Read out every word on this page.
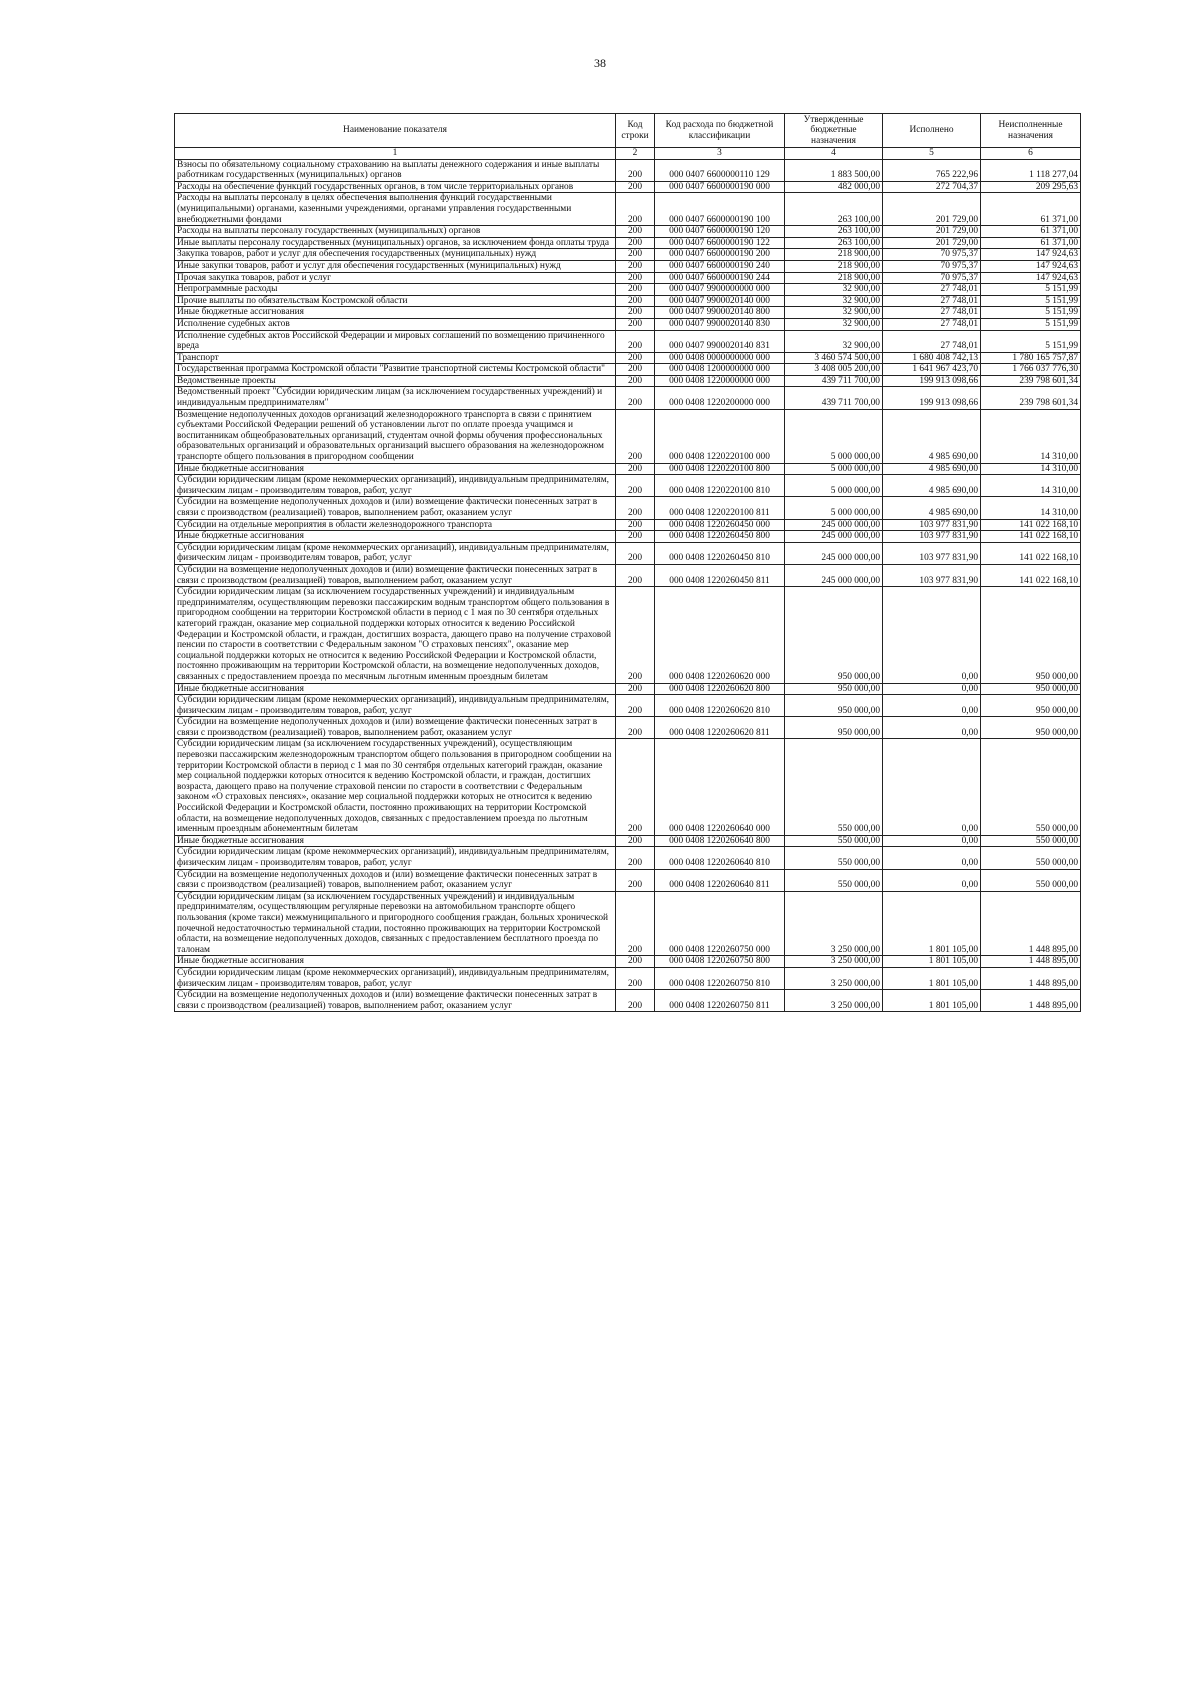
38
Наименование показателя	Код строки	Код расхода по бюджетной классификации	Утвержденные бюджетные назначения	Исполнено	Неисполненные назначения
1	2	3	4	5	6
Взносы по обязательному социальному страхованию на выплаты денежного содержания и иные выплаты работникам государственных (муниципальных) органов	200	000 0407 6600000110 129	1 883 500,00	765 222,96	1 118 277,04
Расходы на обеспечение функций государственных органов, в том числе территориальных органов	200	000 0407 6600000190 000	482 000,00	272 704,37	209 295,63
Расходы на выплаты персоналу в целях обеспечения выполнения функций государственными (муниципальными) органами, казенными учреждениями, органами управления государственными внебюджетными фондами	200	000 0407 6600000190 100	263 100,00	201 729,00	61 371,00
Расходы на выплаты персоналу государственных (муниципальных) органов	200	000 0407 6600000190 120	263 100,00	201 729,00	61 371,00
Иные выплаты персоналу государственных (муниципальных) органов, за исключением фонда оплаты труда	200	000 0407 6600000190 122	263 100,00	201 729,00	61 371,00
Закупка товаров, работ и услуг для обеспечения государственных (муниципальных) нужд	200	000 0407 6600000190 200	218 900,00	70 975,37	147 924,63
Иные закупки товаров, работ и услуг для обеспечения государственных (муниципальных) нужд	200	000 0407 6600000190 240	218 900,00	70 975,37	147 924,63
Прочая закупка товаров, работ и услуг	200	000 0407 6600000190 244	218 900,00	70 975,37	147 924,63
Непрограммные расходы	200	000 0407 9900000000 000	32 900,00	27 748,01	5 151,99
Прочие выплаты по обязательствам Костромской области	200	000 0407 9900020140 000	32 900,00	27 748,01	5 151,99
Иные бюджетные ассигнования	200	000 0407 9900020140 800	32 900,00	27 748,01	5 151,99
Исполнение судебных актов	200	000 0407 9900020140 830	32 900,00	27 748,01	5 151,99
Исполнение судебных актов Российской Федерации и мировых соглашений по возмещению причиненного вреда	200	000 0407 9900020140 831	32 900,00	27 748,01	5 151,99
Транспорт	200	000 0408 0000000000 000	3 460 574 500,00	1 680 408 742,13	1 780 165 757,87
Государственная программа Костромской области "Развитие транспортной системы Костромской области"	200	000 0408 1200000000 000	3 408 005 200,00	1 641 967 423,70	1 766 037 776,30
Ведомственные проекты	200	000 0408 1220000000 000	439 711 700,00	199 913 098,66	239 798 601,34
Ведомственный проект "Субсидии юридическим лицам (за исключением государственных учреждений) и индивидуальным предпринимателям"	200	000 0408 1220200000 000	439 711 700,00	199 913 098,66	239 798 601,34
Возмещение недополученных доходов организаций железнодорожного транспорта в связи с принятием субъектами Российской Федерации решений об установлении льгот по оплате проезда учащимся и воспитанникам общеобразовательных организаций, студентам очной формы обучения профессиональных образовательных организаций и образовательных организаций высшего образования на железнодорожном транспорте общего пользования в пригородном сообщении	200	000 0408 1220220100 000	5 000 000,00	4 985 690,00	14 310,00
Иные бюджетные ассигнования	200	000 0408 1220220100 800	5 000 000,00	4 985 690,00	14 310,00
Субсидии юридическим лицам (кроме некоммерческих организаций), индивидуальным предпринимателям, физическим лицам - производителям товаров, работ, услуг	200	000 0408 1220220100 810	5 000 000,00	4 985 690,00	14 310,00
Субсидии на возмещение недополученных доходов и (или) возмещение фактически понесенных затрат в связи с производством (реализацией) товаров, выполнением работ, оказанием услуг	200	000 0408 1220220100 811	5 000 000,00	4 985 690,00	14 310,00
Субсидии на отдельные мероприятия в области железнодорожного транспорта	200	000 0408 1220260450 000	245 000 000,00	103 977 831,90	141 022 168,10
Иные бюджетные ассигнования	200	000 0408 1220260450 800	245 000 000,00	103 977 831,90	141 022 168,10
Субсидии юридическим лицам (кроме некоммерческих организаций), индивидуальным предпринимателям, физическим лицам - производителям товаров, работ, услуг	200	000 0408 1220260450 810	245 000 000,00	103 977 831,90	141 022 168,10
Субсидии на возмещение недополученных доходов и (или) возмещение фактически понесенных затрат в связи с производством (реализацией) товаров, выполнением работ, оказанием услуг	200	000 0408 1220260450 811	245 000 000,00	103 977 831,90	141 022 168,10
Субсидии юридическим лицам (за исключением государственных учреждений) и индивидуальным предпринимателям, осуществляющим перевозки пассажирским водным транспортом общего пользования в пригородном сообщении на территории Костромской области в период с 1 мая по 30 сентября отдельных категорий граждан, оказание мер социальной поддержки которых относится к ведению Российской Федерации и Костромской области, и граждан, достигших возраста, дающего право на получение страховой пенсии по старости в соответствии с Федеральным законом "О страховых пенсиях", оказание мер социальной поддержки которых не относится к ведению Российской Федерации и Костромской области, постоянно проживающим на территории Костромской области, на возмещение недополученных доходов, связанных с предоставлением проезда по месячным льготным именным проездным билетам	200	000 0408 1220260620 000	950 000,00	0,00	950 000,00
Иные бюджетные ассигнования	200	000 0408 1220260620 800	950 000,00	0,00	950 000,00
Субсидии юридическим лицам (кроме некоммерческих организаций), индивидуальным предпринимателям, физическим лицам - производителям товаров, работ, услуг	200	000 0408 1220260620 810	950 000,00	0,00	950 000,00
Субсидии на возмещение недополученных доходов и (или) возмещение фактически понесенных затрат в связи с производством (реализацией) товаров, выполнением работ, оказанием услуг	200	000 0408 1220260620 811	950 000,00	0,00	950 000,00
Субсидии юридическим лицам (за исключением государственных учреждений), осуществляющим перевозки пассажирским железнодорожным транспортом общего пользования в пригородном сообщении на территории Костромской области в период с 1 мая по 30 сентября отдельных категорий граждан, оказание мер социальной поддержки которых относится к ведению Костромской области, и граждан, достигших возраста, дающего право на получение страховой пенсии по старости в соответствии с Федеральным законом «О страховых пенсиях», оказание мер социальной поддержки которых не относится к ведению Российской Федерации и Костромской области, постоянно проживающих на территории Костромской области, на возмещение недополученных доходов, связанных с предоставлением проезда по льготным именным проездным абонементным билетам	200	000 0408 1220260640 000	550 000,00	0,00	550 000,00
Иные бюджетные ассигнования	200	000 0408 1220260640 800	550 000,00	0,00	550 000,00
Субсидии юридическим лицам (кроме некоммерческих организаций), индивидуальным предпринимателям, физическим лицам - производителям товаров, работ, услуг	200	000 0408 1220260640 810	550 000,00	0,00	550 000,00
Субсидии на возмещение недополученных доходов и (или) возмещение фактически понесенных затрат в связи с производством (реализацией) товаров, выполнением работ, оказанием услуг	200	000 0408 1220260640 811	550 000,00	0,00	550 000,00
Субсидии юридическим лицам (за исключением государственных учреждений) и индивидуальным предпринимателям, осуществляющим регулярные перевозки на автомобильном транспорте общего пользования (кроме такси) межмуниципального и пригородного сообщения граждан, больных хронической почечной недостаточностью терминальной стадии, постоянно проживающих на территории Костромской области, на возмещение недополученных доходов, связанных с предоставлением бесплатного проезда по талонам	200	000 0408 1220260750 000	3 250 000,00	1 801 105,00	1 448 895,00
Иные бюджетные ассигнования	200	000 0408 1220260750 800	3 250 000,00	1 801 105,00	1 448 895,00
Субсидии юридическим лицам (кроме некоммерческих организаций), индивидуальным предпринимателям, физическим лицам - производителям товаров, работ, услуг	200	000 0408 1220260750 810	3 250 000,00	1 801 105,00	1 448 895,00
Субсидии на возмещение недополученных доходов и (или) возмещение фактически понесенных затрат в связи с производством (реализацией) товаров, выполнением работ, оказанием услуг	200	000 0408 1220260750 811	3 250 000,00	1 801 105,00	1 448 895,00
